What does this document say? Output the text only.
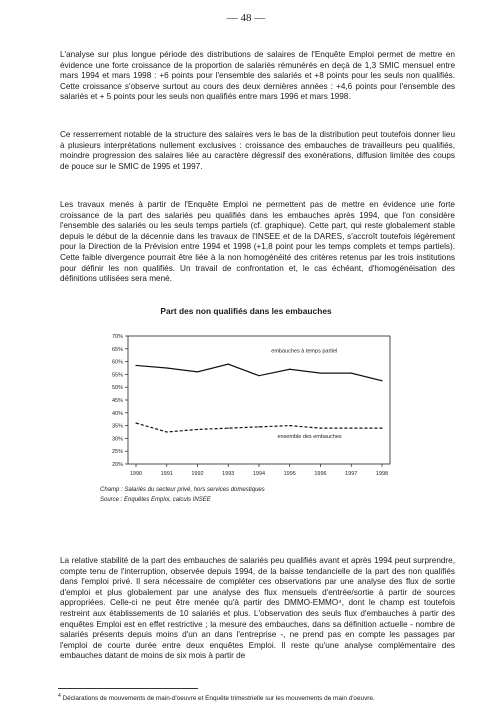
— 48 —

L'analyse sur plus longue période des distributions de salaires de l'Enquête Emploi permet de mettre en évidence une forte croissance de la proportion de salariés rémunérés en deçà de 1,3 SMIC mensuel entre mars 1994 et mars 1998 : +6 points pour l'ensemble des salariés et +8 points pour les seuls non qualifiés. Cette croissance s'observe surtout au cours des deux dernières années : +4,6 points pour l'ensemble des salariés et + 5 points pour les seuls non qualifiés entre mars 1996 et mars 1998.

Ce resserrement notable de la structure des salaires vers le bas de la distribution peut toutefois donner lieu à plusieurs interprétations nullement exclusives : croissance des embauches de travailleurs peu qualifiés, moindre progression des salaires liée au caractère dégressif des exonérations, diffusion limitée des coups de pouce sur le SMIC de 1995 et 1997.

Les travaux menés à partir de l'Enquête Emploi ne permettent pas de mettre en évidence une forte croissance de la part des salariés peu qualifiés dans les embauches après 1994, que l'on considère l'ensemble des salariés ou les seuls temps partiels (cf. graphique). Cette part, qui reste globalement stable depuis le début de la décennie dans les travaux de l'INSEE et de la DARES, s'accroît toutefois légèrement pour la Direction de la Prévision entre 1994 et 1998 (+1,8 point pour les temps complets et temps partiels). Cette faible divergence pourrait être liée à la non homogénéité des critères retenus par les trois institutions pour définir les non qualifiés. Un travail de confrontation et, le cas échéant, d'homogénéisation des définitions utilisées sera mené.

Part des non qualifiés dans les embauches
20%
25%
30%
35%
40%
45%
50%
55%
60%
65%
70%
1990	1991	1992	1993	1994	1995	1996	1997	1998
embauches à temps partiel
ensemble des embauches

Champ : Salariés du secteur privé, hors services domestiques

Source : Enquêtes Emploi, calculs INSEE

La relative stabilité de la part des embauches de salariés peu qualifiés avant et après 1994 peut surprendre, compte tenu de l'interruption, observée depuis 1994, de la baisse tendancielle de la part des non qualifiés dans l'emploi privé. Il sera nécessaire de compléter ces observations par une analyse des flux de sortie d'emploi et plus globalement par une analyse des flux mensuels d'entrée/sortie à partir de sources appropriées. Celle-ci ne peut être menée qu'à partir des DMMO-EMMO⁴, dont le champ est toutefois restreint aux établissements de 10 salariés et plus. L'observation des seuls flux d'embauches à partir des enquêtes Emploi est en effet restrictive ; la mesure des embauches, dans sa définition actuelle - nombre de salariés présents depuis moins d'un an dans l'entreprise -, ne prend pas en compte les passages par l'emploi de courte durée entre deux enquêtes Emploi. Il reste qu'une analyse complémentaire des embauches datant de moins de six mois à partir de

$^4$ Déclarations de mouvements de main-d'oeuvre et Enquête trimestrielle sur les mouvements de main d'oeuvre.
